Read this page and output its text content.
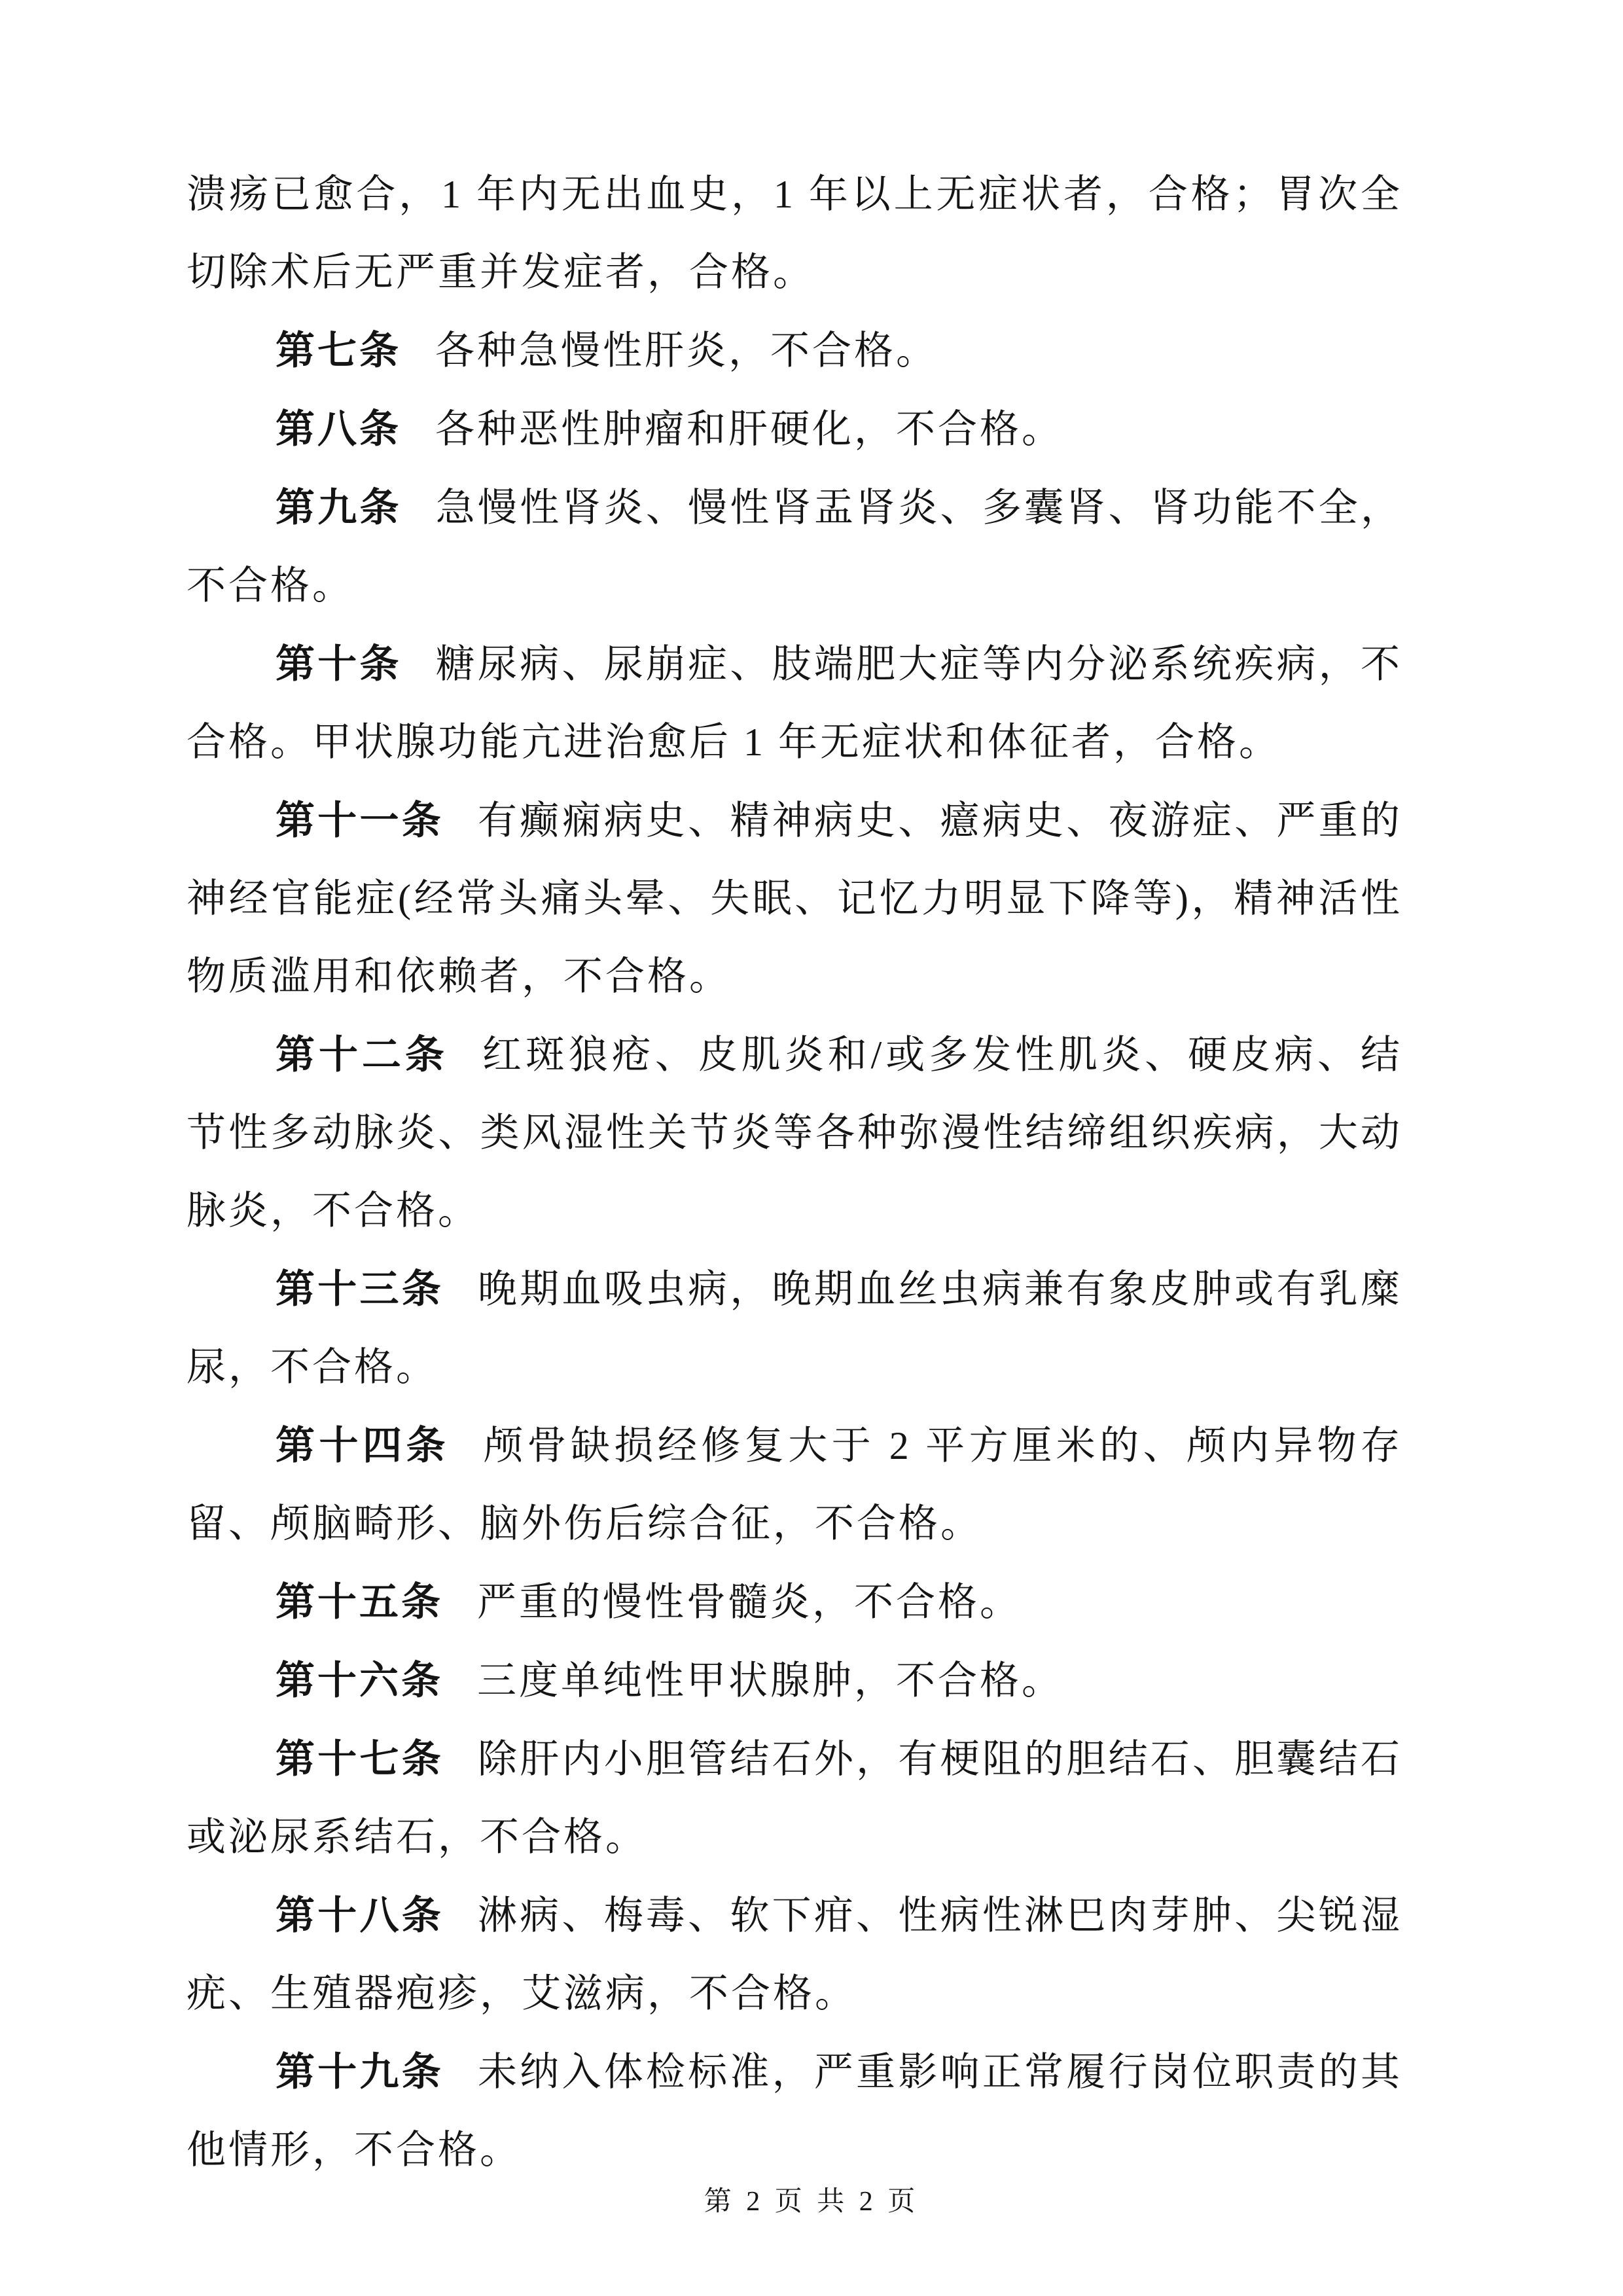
溃疡已愈合，1 年内无出血史，1 年以上无症状者，合格；胃次全切除术后无严重并发症者，合格。

第七条 各种急慢性肝炎，不合格。

第八条 各种恶性肿瘤和肝硬化，不合格。

第九条 急慢性肾炎、慢性肾盂肾炎、多囊肾、肾功能不全，不合格。

第十条 糖尿病、尿崩症、肢端肥大症等内分泌系统疾病，不合格。甲状腺功能亢进治愈后 1 年无症状和体征者，合格。

第十一条 有癫痫病史、精神病史、癔病史、夜游症、严重的神经官能症(经常头痛头晕、失眠、记忆力明显下降等)，精神活性物质滥用和依赖者，不合格。

第十二条 红斑狼疮、皮肌炎和/或多发性肌炎、硬皮病、结节性多动脉炎、类风湿性关节炎等各种弥漫性结缔组织疾病，大动脉炎，不合格。

第十三条 晚期血吸虫病，晚期血丝虫病兼有象皮肿或有乳糜尿，不合格。

第十四条 颅骨缺损经修复大于 2 平方厘米的、颅内异物存留、颅脑畸形、脑外伤后综合征，不合格。

第十五条 严重的慢性骨髓炎，不合格。

第十六条 三度单纯性甲状腺肿，不合格。

第十七条 除肝内小胆管结石外，有梗阻的胆结石、胆囊结石或泌尿系结石，不合格。

第十八条 淋病、梅毒、软下疳、性病性淋巴肉芽肿、尖锐湿疣、生殖器疱疹，艾滋病，不合格。

第十九条 未纳入体检标准，严重影响正常履行岗位职责的其他情形，不合格。

第 2 页 共 2 页
